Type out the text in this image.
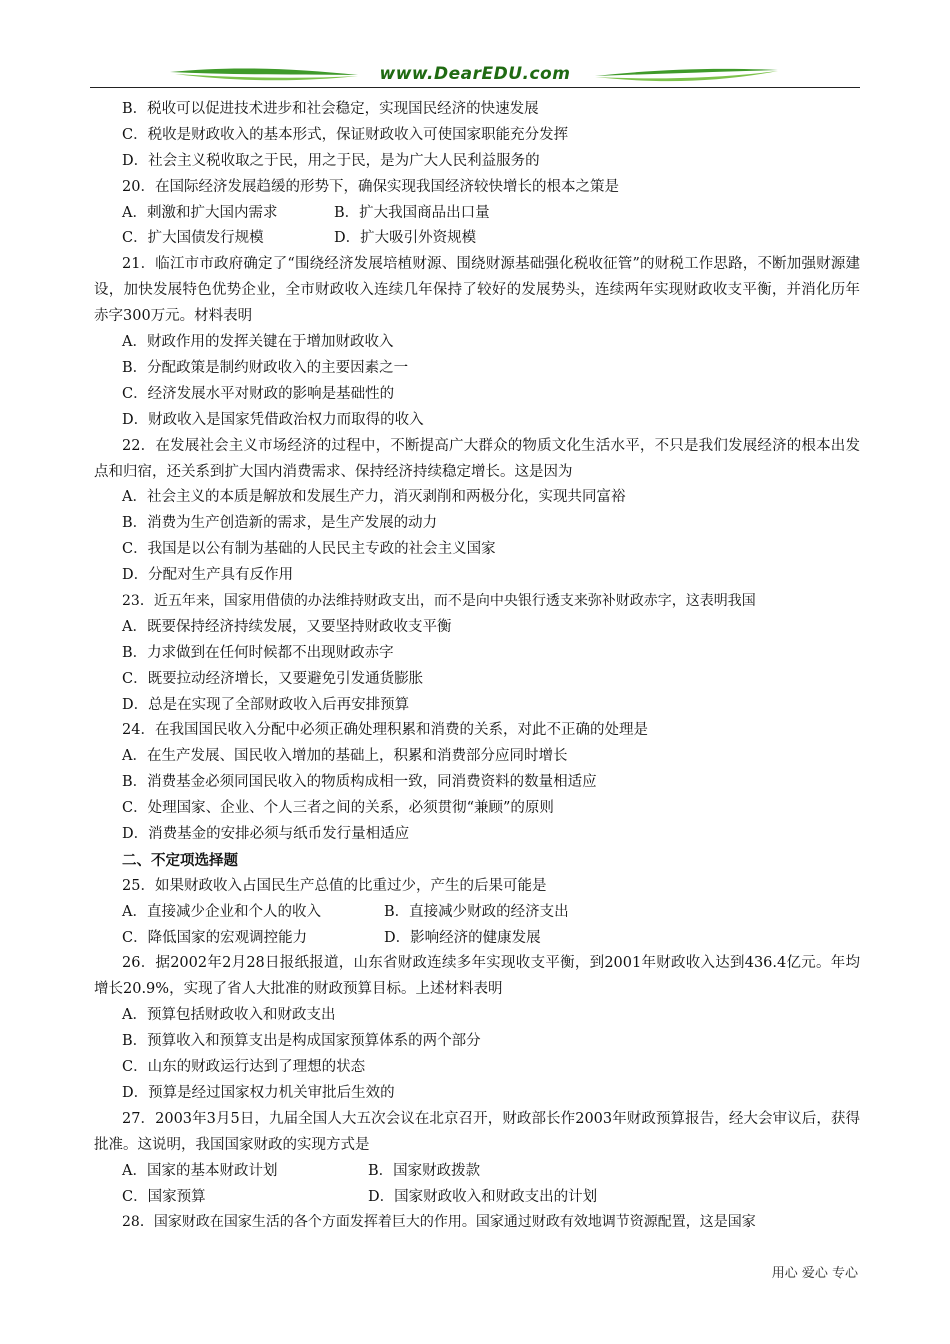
www.DearEDU.com
B．税收可以促进技术进步和社会稳定，实现国民经济的快速发展
C．税收是财政收入的基本形式，保证财政收入可使国家职能充分发挥
D．社会主义税收取之于民，用之于民，是为广大人民利益服务的
20．在国际经济发展趋缓的形势下，确保实现我国经济较快增长的根本之策是
A．刺激和扩大国内需求	B．扩大我国商品出口量
C．扩大国债发行规模	D．扩大吸引外资规模
21．临江市市政府确定了“围绕经济发展培植财源、围绕财源基础强化税收征管”的财税工作思路，不断加强财源建设，加快发展特色优势企业，全市财政收入连续几年保持了较好的发展势头，连续两年实现财政收支平衡，并消化历年赤字300万元。材料表明
A．财政作用的发挥关键在于增加财政收入
B．分配政策是制约财政收入的主要因素之一
C．经济发展水平对财政的影响是基础性的
D．财政收入是国家凭借政治权力而取得的收入
22．在发展社会主义市场经济的过程中，不断提高广大群众的物质文化生活水平，不只是我们发展经济的根本出发点和归宿，还关系到扩大国内消费需求、保持经济持续稳定增长。这是因为
A．社会主义的本质是解放和发展生产力，消灭剥削和两极分化，实现共同富裕
B．消费为生产创造新的需求，是生产发展的动力
C．我国是以公有制为基础的人民民主专政的社会主义国家
D．分配对生产具有反作用
23．近五年来，国家用借债的办法维持财政支出，而不是向中央银行透支来弥补财政赤字，这表明我国
A．既要保持经济持续发展，又要坚持财政收支平衡
B．力求做到在任何时候都不出现财政赤字
C．既要拉动经济增长，又要避免引发通货膨胀
D．总是在实现了全部财政收入后再安排预算
24．在我国国民收入分配中必须正确处理积累和消费的关系，对此不正确的处理是
A．在生产发展、国民收入增加的基础上，积累和消费部分应同时增长
B．消费基金必须同国民收入的物质构成相一致，同消费资料的数量相适应
C．处理国家、企业、个人三者之间的关系，必须贯彻“兼顾”的原则
D．消费基金的安排必须与纸币发行量相适应
二、不定项选择题
25．如果财政收入占国民生产总值的比重过少，产生的后果可能是
A．直接减少企业和个人的收入	B．直接减少财政的经济支出
C．降低国家的宏观调控能力	D．影响经济的健康发展
26．据2002年2月28日报纸报道，山东省财政连续多年实现收支平衡，到2001年财政收入达到436.4亿元。年均增长20.9%，实现了省人大批准的财政预算目标。上述材料表明
A．预算包括财政收入和财政支出
B．预算收入和预算支出是构成国家预算体系的两个部分
C．山东的财政运行达到了理想的状态
D．预算是经过国家权力机关审批后生效的
27．2003年3月5日，九届全国人大五次会议在北京召开，财政部长作2003年财政预算报告，经大会审议后，获得批准。这说明，我国国家财政的实现方式是
A．国家的基本财政计划	B．国家财政拨款
C．国家预算	D．国家财政收入和财政支出的计划
28．国家财政在国家生活的各个方面发挥着巨大的作用。国家通过财政有效地调节资源配置，这是国家
用心 爱心 专心
